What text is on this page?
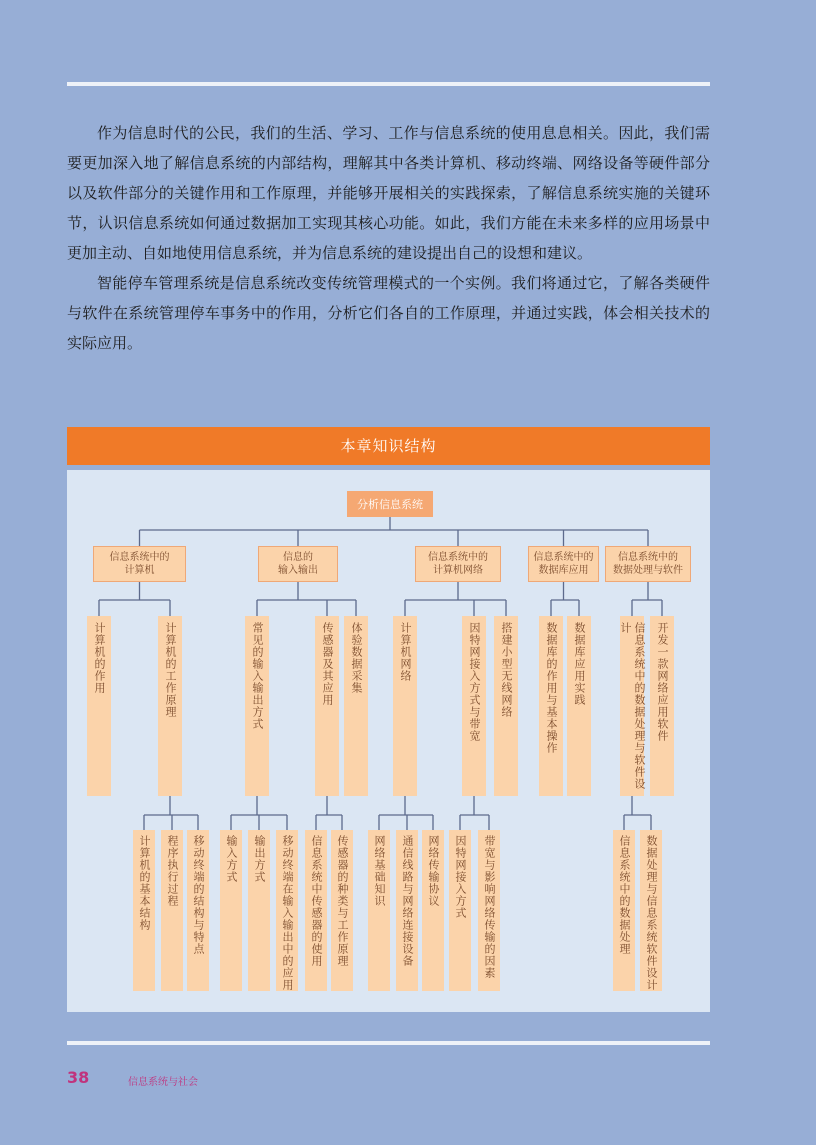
作为信息时代的公民，我们的生活、学习、工作与信息系统的使用息息相关。因此，我们需要更加深入地了解信息系统的内部结构，理解其中各类计算机、移动终端、网络设备等硬件部分以及软件部分的关键作用和工作原理，并能够开展相关的实践探索，了解信息系统实施的关键环节，认识信息系统如何通过数据加工实现其核心功能。如此，我们方能在未来多样的应用场景中更加主动、自如地使用信息系统，并为信息系统的建设提出自己的设想和建议。

智能停车管理系统是信息系统改变传统管理模式的一个实例。我们将通过它，了解各类硬件与软件在系统管理停车事务中的作用，分析它们各自的工作原理，并通过实践，体会相关技术的实际应用。

本章知识结构
分析信息系统
信息系统中的
计算机
计算机的作用	计算机的工作原理
计算机的基本结构	程序执行过程	移动终端的结构与特点
信息的
输入输出
常见的输入输出方式
输入方式	输出方式	移动终端在输入输出中的应用
传感器及其应用
信息系统中传感器的使用	传感器的种类与工作原理
体验数据采集
信息系统中的
计算机网络
计算机网络
网络基础知识	通信线路与网络连接设备	网络传输协议
因特网接入方式与带宽
因特网接入方式	带宽与影响网络传输的因素
搭建小型无线网络
信息系统中的
数据库应用
数据库的作用与基本操作	数据库应用实践
信息系统中的
数据处理与软件
信息系统中的数据处理与软件设计
信息系统中的数据处理	数据处理与信息系统软件设计
开发一款网络应用软件
38	信息系统与社会
